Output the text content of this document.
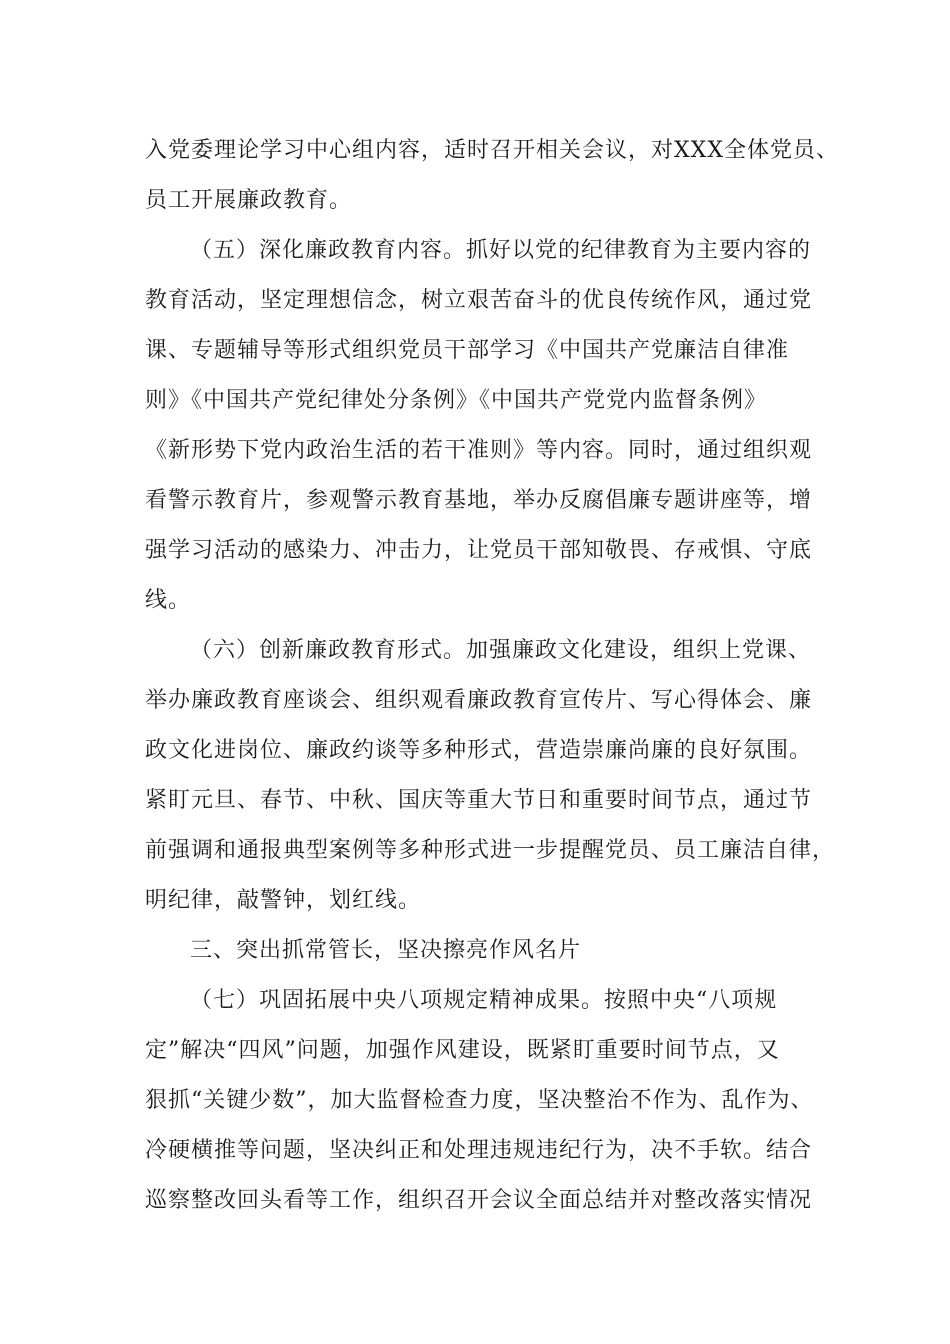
入党委理论学习中心组内容，适时召开相关会议，对XXX全体党员、
员工开展廉政教育。
（五）深化廉政教育内容。抓好以党的纪律教育为主要内容的
教育活动，坚定理想信念，树立艰苦奋斗的优良传统作风，通过党
课、专题辅导等形式组织党员干部学习《中国共产党廉洁自律准
则》《中国共产党纪律处分条例》《中国共产党党内监督条例》
《新形势下党内政治生活的若干准则》等内容。同时，通过组织观
看警示教育片，参观警示教育基地，举办反腐倡廉专题讲座等，增
强学习活动的感染力、冲击力，让党员干部知敬畏、存戒惧、守底
线。
（六）创新廉政教育形式。加强廉政文化建设，组织上党课、
举办廉政教育座谈会、组织观看廉政教育宣传片、写心得体会、廉
政文化进岗位、廉政约谈等多种形式，营造崇廉尚廉的良好氛围。
紧盯元旦、春节、中秋、国庆等重大节日和重要时间节点，通过节
前强调和通报典型案例等多种形式进一步提醒党员、员工廉洁自律，
明纪律，敲警钟，划红线。
三、突出抓常管长，坚决擦亮作风名片
（七）巩固拓展中央八项规定精神成果。按照中央“八项规
定”解决“四风”问题，加强作风建设，既紧盯重要时间节点，又
狠抓“关键少数”，加大监督检查力度，坚决整治不作为、乱作为、
冷硬横推等问题，坚决纠正和处理违规违纪行为，决不手软。结合
巡察整改回头看等工作，组织召开会议全面总结并对整改落实情况
